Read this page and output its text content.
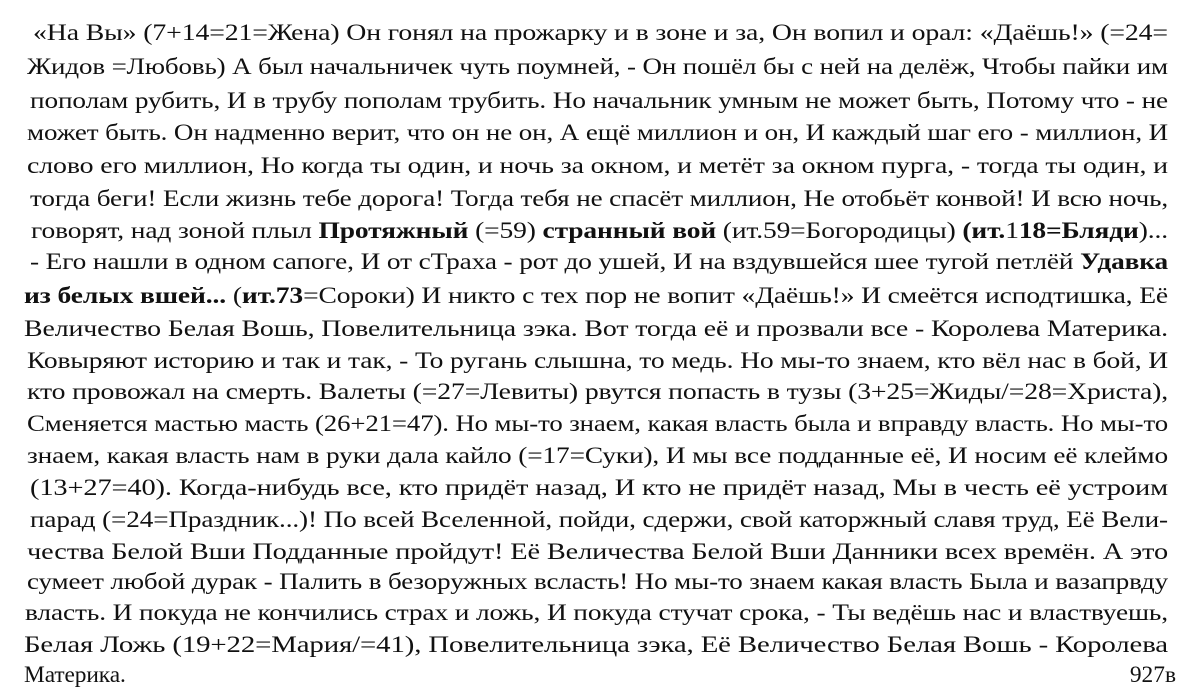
«На Вы» (7+14=21=Жена) Он гонял на прожарку и в зоне и за, Он вопил и орал: «Даёшь!» (=24=
Жидов =Любовь) А был начальничек чуть поумней, - Он пошёл бы с ней на делёж, Чтобы пайки им
пополам рубить, И в трубу пополам трубить. Но начальник умным не может быть, Потому что - не
может быть. Он надменно верит, что он не он, А ещё миллион и он, И каждый шаг его - миллион, И
слово его миллион, Но когда ты один, и ночь за окном, и метёт за окном пурга, - тогда ты один, и
тогда беги! Если жизнь тебе дорога! Тогда тебя не спасёт миллион, Не отобьёт конвой! И всю ночь,
говорят, над зоной плыл Протяжный (=59) странный вой (ит.59=Богородицы) (ит.118=Бляди)...
- Его нашли в одном сапоге, И от сТраха - рот до ушей, И на вздувшейся шее тугой петлёй Удавка
из белых вшей... (ит.73=Сороки) И никто с тех пор не вопит «Даёшь!» И смеётся исподтишка, Её
Величество Белая Вошь, Повелительница зэка. Вот тогда её и прозвали все - Королева Материка.
Ковыряют историю и так и так, - То ругань слышна, то медь. Но мы-то знаем, кто вёл нас в бой, И
кто провожал на смерть. Валеты (=27=Левиты) рвутся попасть в тузы (3+25=Жиды/=28=Христа),
Сменяется мастью масть (26+21=47). Но мы-то знаем, какая власть была и вправду власть. Но мы-то
знаем, какая власть нам в руки дала кайло (=17=Суки), И мы все подданные её, И носим её клеймо
(13+27=40). Когда-нибудь все, кто придёт назад, И кто не придёт назад, Мы в честь её устроим
парад (=24=Праздник...)! По всей Вселенной, пойди, сдержи, свой каторжный славя труд, Её Вели-
чества Белой Вши Подданные пройдут! Её Величества Белой Вши Данники всех времён. А это
сумеет любой дурак - Палить в безоружных всласть! Но мы-то знаем какая власть Была и вазапрвду
власть. И покуда не кончились страх и ложь, И покуда стучат срока, - Ты ведёшь нас и властвуешь,
Белая Ложь (19+22=Мария/=41), Повелительница зэка, Её Величество Белая Вошь - Королева
Материка.	927в
